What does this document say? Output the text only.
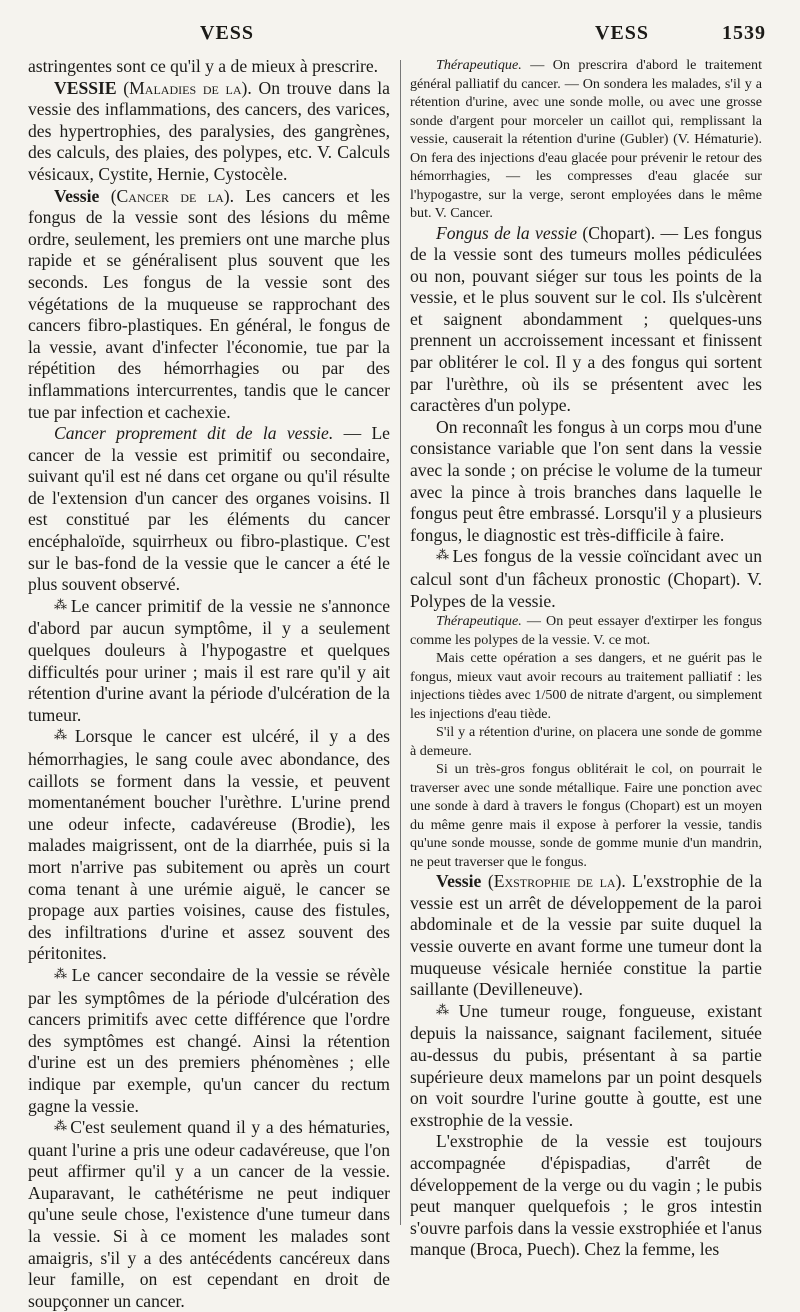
VESS	VESS	1539

astringentes sont ce qu'il y a de mieux à prescrire.

VESSIE (Maladies de la). On trouve dans la vessie des inflammations, des cancers, des varices, des hypertrophies, des paralysies, des gangrènes, des calculs, des plaies, des polypes, etc. V. Calculs vésicaux, Cystite, Hernie, Cystocèle.

Vessie (Cancer de la). Les cancers et les fongus de la vessie sont des lésions du même ordre, seulement, les premiers ont une marche plus rapide et se généralisent plus souvent que les seconds. Les fongus de la vessie sont des végétations de la muqueuse se rapprochant des cancers fibro-plastiques. En général, le fongus de la vessie, avant d'infecter l'économie, tue par la répétition des hémorrhagies ou par des inflammations intercurrentes, tandis que le cancer tue par infection et cachexie.

Cancer proprement dit de la vessie. — Le cancer de la vessie est primitif ou secondaire, suivant qu'il est né dans cet organe ou qu'il résulte de l'extension d'un cancer des organes voisins. Il est constitué par les éléments du cancer encéphaloïde, squirrheux ou fibro-plastique. C'est sur le bas-fond de la vessie que le cancer a été le plus souvent observé.

⁂ Le cancer primitif de la vessie ne s'annonce d'abord par aucun symptôme, il y a seulement quelques douleurs à l'hypogastre et quelques difficultés pour uriner ; mais il est rare qu'il y ait rétention d'urine avant la période d'ulcération de la tumeur.

⁂ Lorsque le cancer est ulcéré, il y a des hémorrhagies, le sang coule avec abondance, des caillots se forment dans la vessie, et peuvent momentanément boucher l'urèthre. L'urine prend une odeur infecte, cadavéreuse (Brodie), les malades maigrissent, ont de la diarrhée, puis si la mort n'arrive pas subitement ou après un court coma tenant à une urémie aiguë, le cancer se propage aux parties voisines, cause des fistules, des infiltrations d'urine et assez souvent des péritonites.

⁂ Le cancer secondaire de la vessie se révèle par les symptômes de la période d'ulcération des cancers primitifs avec cette différence que l'ordre des symptômes est changé. Ainsi la rétention d'urine est un des premiers phénomènes ; elle indique par exemple, qu'un cancer du rectum gagne la vessie.

⁂ C'est seulement quand il y a des hématuries, quant l'urine a pris une odeur cadavéreuse, que l'on peut affirmer qu'il y a un cancer de la vessie. Auparavant, le cathétérisme ne peut indiquer qu'une seule chose, l'existence d'une tumeur dans la vessie. Si à ce moment les malades sont amaigris, s'il y a des antécédents cancéreux dans leur famille, on est cependant en droit de soupçonner un cancer.

Thérapeutique. — On prescrira d'abord le traitement général palliatif du cancer. — On sondera les malades, s'il y a rétention d'urine, avec une sonde molle, ou avec une grosse sonde d'argent pour morceler un caillot qui, remplissant la vessie, causerait la rétention d'urine (Gubler) (V. Hématurie). On fera des injections d'eau glacée pour prévenir le retour des hémorrhagies, — les compresses d'eau glacée sur l'hypogastre, sur la verge, seront employées dans le même but. V. Cancer.

Fongus de la vessie (Chopart). — Les fongus de la vessie sont des tumeurs molles pédiculées ou non, pouvant siéger sur tous les points de la vessie, et le plus souvent sur le col. Ils s'ulcèrent et saignent abondamment ; quelques-uns prennent un accroissement incessant et finissent par oblitérer le col. Il y a des fongus qui sortent par l'urèthre, où ils se présentent avec les caractères d'un polype.

On reconnaît les fongus à un corps mou d'une consistance variable que l'on sent dans la vessie avec la sonde ; on précise le volume de la tumeur avec la pince à trois branches dans laquelle le fongus peut être embrassé. Lorsqu'il y a plusieurs fongus, le diagnostic est très-difficile à faire.

⁂ Les fongus de la vessie coïncidant avec un calcul sont d'un fâcheux pronostic (Chopart). V. Polypes de la vessie.

Thérapeutique. — On peut essayer d'extirper les fongus comme les polypes de la vessie. V. ce mot.

Mais cette opération a ses dangers, et ne guérit pas le fongus, mieux vaut avoir recours au traitement palliatif : les injections tièdes avec 1/500 de nitrate d'argent, ou simplement les injections d'eau tiède.

S'il y a rétention d'urine, on placera une sonde de gomme à demeure.

Si un très-gros fongus oblitérait le col, on pourrait le traverser avec une sonde métallique. Faire une ponction avec une sonde à dard à travers le fongus (Chopart) est un moyen du même genre mais il expose à perforer la vessie, tandis qu'une sonde mousse, sonde de gomme munie d'un mandrin, ne peut traverser que le fongus.

Vessie (Exstrophie de la). L'exstrophie de la vessie est un arrêt de développement de la paroi abdominale et de la vessie par suite duquel la vessie ouverte en avant forme une tumeur dont la muqueuse vésicale herniée constitue la partie saillante (Devilleneuve).

⁂ Une tumeur rouge, fongueuse, existant depuis la naissance, saignant facilement, située au-dessus du pubis, présentant à sa partie supérieure deux mamelons par un point desquels on voit sourdre l'urine goutte à goutte, est une exstrophie de la vessie.

L'exstrophie de la vessie est toujours accompagnée d'épispadias, d'arrêt de développement de la verge ou du vagin ; le pubis peut manquer quelquefois ; le gros intestin s'ouvre parfois dans la vessie exstrophiée et l'anus manque (Broca, Puech). Chez la femme, les
